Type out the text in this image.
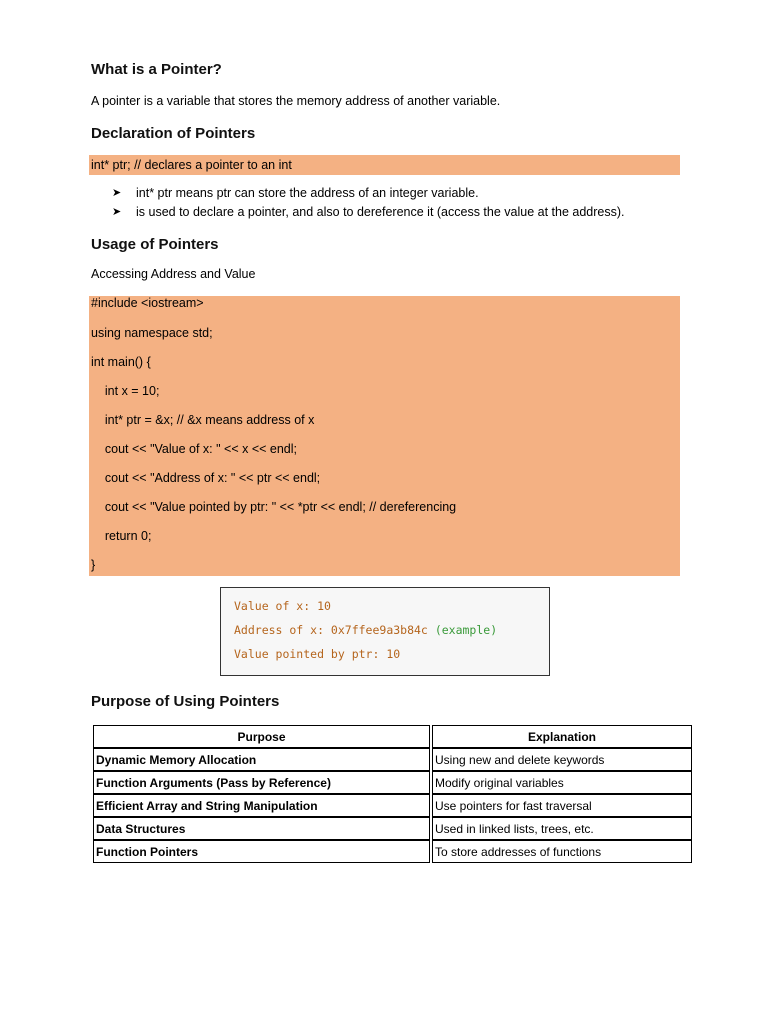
What is a Pointer?

A pointer is a variable that stores the memory address of another variable.

Declaration of Pointers
int* ptr; // declares a pointer to an int
➤ int* ptr means ptr can store the address of an integer variable.
➤ is used to declare a pointer, and also to dereference it (access the value at the address).
Usage of Pointers

Accessing Address and Value

#include <iostream>
using namespace std;
int main() {
int x = 10;
int* ptr = &x; // &x means address of x
cout << "Value of x: " << x << endl;
cout << "Address of x: " << ptr << endl;
cout << "Value pointed by ptr: " << *ptr << endl; // dereferencing
return 0;
}
Value of x: 10
Address of x: 0x7ffee9a3b84c (example)
Value pointed by ptr: 10
Purpose of Using Pointers
Purpose	Explanation
Dynamic Memory Allocation	Using new and delete keywords
Function Arguments (Pass by Reference)	Modify original variables
Efficient Array and String Manipulation	Use pointers for fast traversal
Data Structures	Used in linked lists, trees, etc.
Function Pointers	To store addresses of functions
